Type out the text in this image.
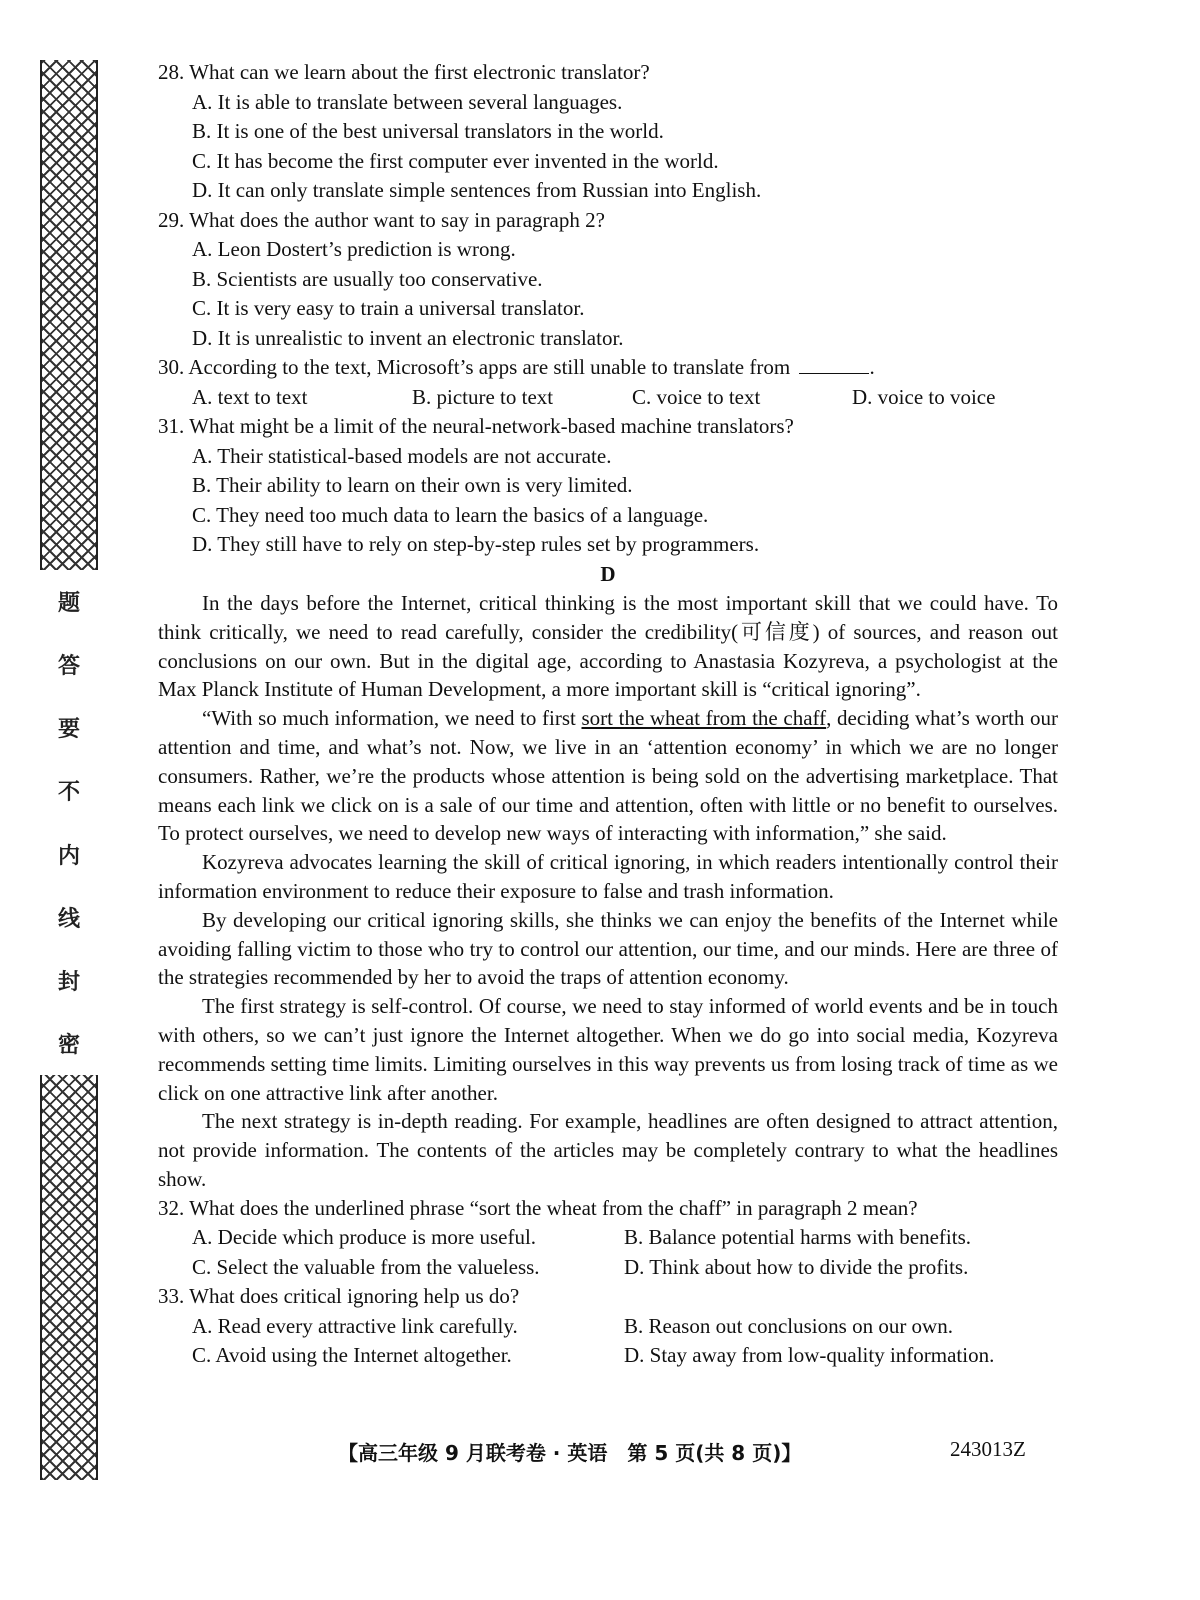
题
答
要
不
内
线
封
密
28. What can we learn about the first electronic translator?
A. It is able to translate between several languages.
B. It is one of the best universal translators in the world.
C. It has become the first computer ever invented in the world.
D. It can only translate simple sentences from Russian into English.
29. What does the author want to say in paragraph 2?
A. Leon Dostert’s prediction is wrong.
B. Scientists are usually too conservative.
C. It is very easy to train a universal translator.
D. It is unrealistic to invent an electronic translator.
30. According to the text, Microsoft’s apps are still unable to translate from	.
A. text to text	B. picture to text	C. voice to text	D. voice to voice
31. What might be a limit of the neural-network-based machine translators?
A. Their statistical-based models are not accurate.
B. Their ability to learn on their own is very limited.
C. They need too much data to learn the basics of a language.
D. They still have to rely on step-by-step rules set by programmers.
D

In the days before the Internet, critical thinking is the most important skill that we could have. To think critically, we need to read carefully, consider the credibility(可信度) of sources, and reason out conclusions on our own. But in the digital age, according to Anastasia Kozyreva, a psychologist at the Max Planck Institute of Human Development, a more important skill is “critical ignoring”.

“With so much information, we need to first sort the wheat from the chaff, deciding what’s worth our attention and time, and what’s not. Now, we live in an ‘attention economy’ in which we are no longer consumers. Rather, we’re the products whose attention is being sold on the advertising marketplace. That means each link we click on is a sale of our time and attention, often with little or no benefit to ourselves. To protect ourselves, we need to develop new ways of interacting with information,” she said.

Kozyreva advocates learning the skill of critical ignoring, in which readers intentionally control their information environment to reduce their exposure to false and trash information.

By developing our critical ignoring skills, she thinks we can enjoy the benefits of the Internet while avoiding falling victim to those who try to control our attention, our time, and our minds. Here are three of the strategies recommended by her to avoid the traps of attention economy.

The first strategy is self-control. Of course, we need to stay informed of world events and be in touch with others, so we can’t just ignore the Internet altogether. When we do go into social media, Kozyreva recommends setting time limits. Limiting ourselves in this way prevents us from losing track of time as we click on one attractive link after another.

The next strategy is in-depth reading. For example, headlines are often designed to attract attention, not provide information. The contents of the articles may be completely contrary to what the headlines show.

32. What does the underlined phrase “sort the wheat from the chaff” in paragraph 2 mean?
A. Decide which produce is more useful.	B. Balance potential harms with benefits.
C. Select the valuable from the valueless.	D. Think about how to divide the profits.
33. What does critical ignoring help us do?
A. Read every attractive link carefully.	B. Reason out conclusions on our own.
C. Avoid using the Internet altogether.	D. Stay away from low-quality information.
【高三年级 9 月联考卷 · 英语　第 5 页(共 8 页)】	243013Z
